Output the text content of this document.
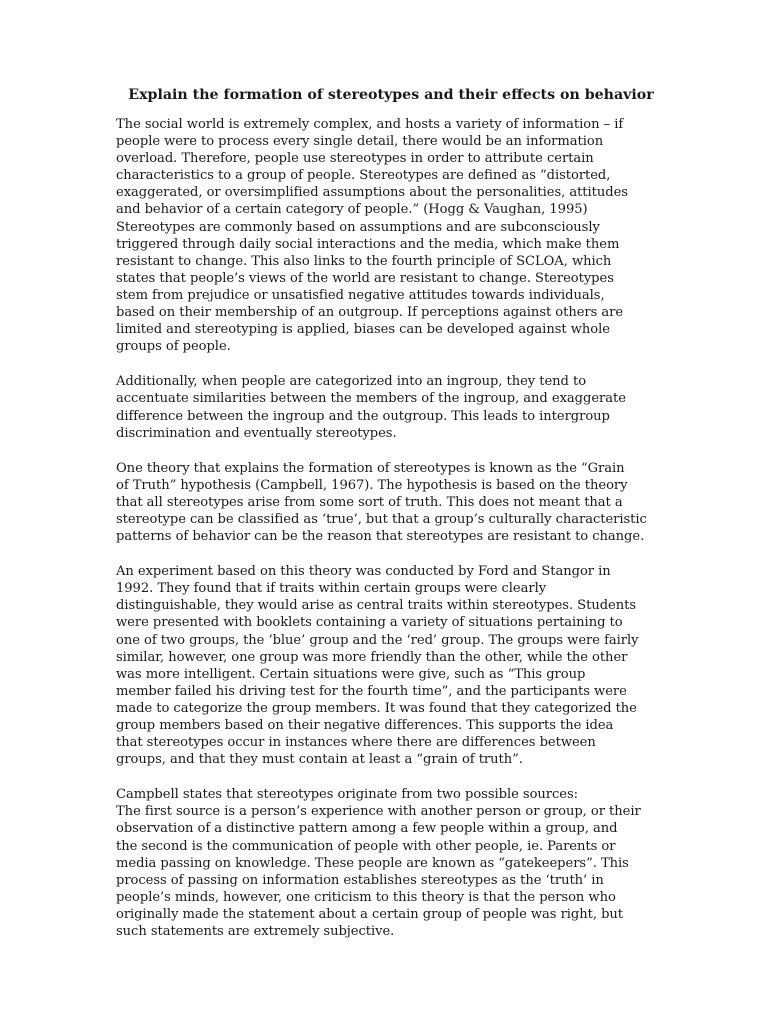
Explain the formation of stereotypes and their effects on behavior
The social world is extremely complex, and hosts a variety of information – if
people were to process every single detail, there would be an information
overload. Therefore, people use stereotypes in order to attribute certain
characteristics to a group of people. Stereotypes are defined as “distorted,
exaggerated, or oversimplified assumptions about the personalities, attitudes
and behavior of a certain category of people.” (Hogg & Vaughan, 1995)
Stereotypes are commonly based on assumptions and are subconsciously
triggered through daily social interactions and the media, which make them
resistant to change. This also links to the fourth principle of SCLOA, which
states that people’s views of the world are resistant to change. Stereotypes
stem from prejudice or unsatisfied negative attitudes towards individuals,
based on their membership of an outgroup. If perceptions against others are
limited and stereotyping is applied, biases can be developed against whole
groups of people.
Additionally, when people are categorized into an ingroup, they tend to
accentuate similarities between the members of the ingroup, and exaggerate
difference between the ingroup and the outgroup. This leads to intergroup
discrimination and eventually stereotypes.
One theory that explains the formation of stereotypes is known as the “Grain
of Truth” hypothesis (Campbell, 1967). The hypothesis is based on the theory
that all stereotypes arise from some sort of truth. This does not meant that a
stereotype can be classified as ‘true’, but that a group’s culturally characteristic
patterns of behavior can be the reason that stereotypes are resistant to change.
An experiment based on this theory was conducted by Ford and Stangor in
1992. They found that if traits within certain groups were clearly
distinguishable, they would arise as central traits within stereotypes. Students
were presented with booklets containing a variety of situations pertaining to
one of two groups, the ‘blue’ group and the ‘red’ group. The groups were fairly
similar, however, one group was more friendly than the other, while the other
was more intelligent. Certain situations were give, such as “This group
member failed his driving test for the fourth time”, and the participants were
made to categorize the group members. It was found that they categorized the
group members based on their negative differences. This supports the idea
that stereotypes occur in instances where there are differences between
groups, and that they must contain at least a “grain of truth”.
Campbell states that stereotypes originate from two possible sources:
The first source is a person’s experience with another person or group, or their
observation of a distinctive pattern among a few people within a group, and
the second is the communication of people with other people, ie. Parents or
media passing on knowledge. These people are known as “gatekeepers”. This
process of passing on information establishes stereotypes as the ‘truth’ in
people’s minds, however, one criticism to this theory is that the person who
originally made the statement about a certain group of people was right, but
such statements are extremely subjective.
